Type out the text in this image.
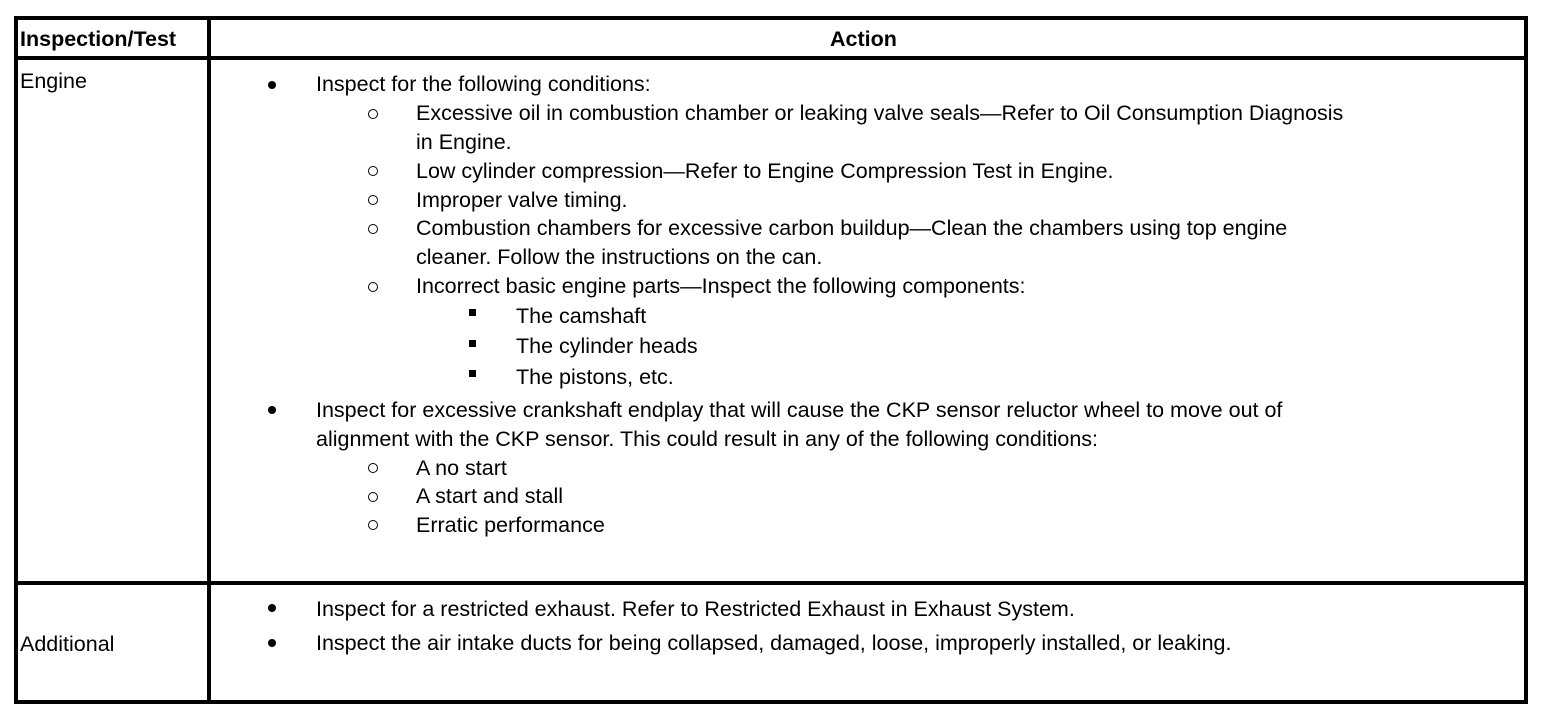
Inspection/Test	Action
Engine	Inspect for the following conditions:
Excessive oil in combustion chamber or leaking valve seals—Refer to Oil Consumption Diagnosis
in Engine.
Low cylinder compression—Refer to Engine Compression Test in Engine.
Improper valve timing.
Combustion chambers for excessive carbon buildup—Clean the chambers using top engine
cleaner. Follow the instructions on the can.
Incorrect basic engine parts—Inspect the following components:
The camshaft
The cylinder heads
The pistons, etc.
Inspect for excessive crankshaft endplay that will cause the CKP sensor reluctor wheel to move out of
alignment with the CKP sensor. This could result in any of the following conditions:
A no start
A start and stall
Erratic performance
Additional
Inspect for a restricted exhaust. Refer to Restricted Exhaust in Exhaust System.
Inspect the air intake ducts for being collapsed, damaged, loose, improperly installed, or leaking.
